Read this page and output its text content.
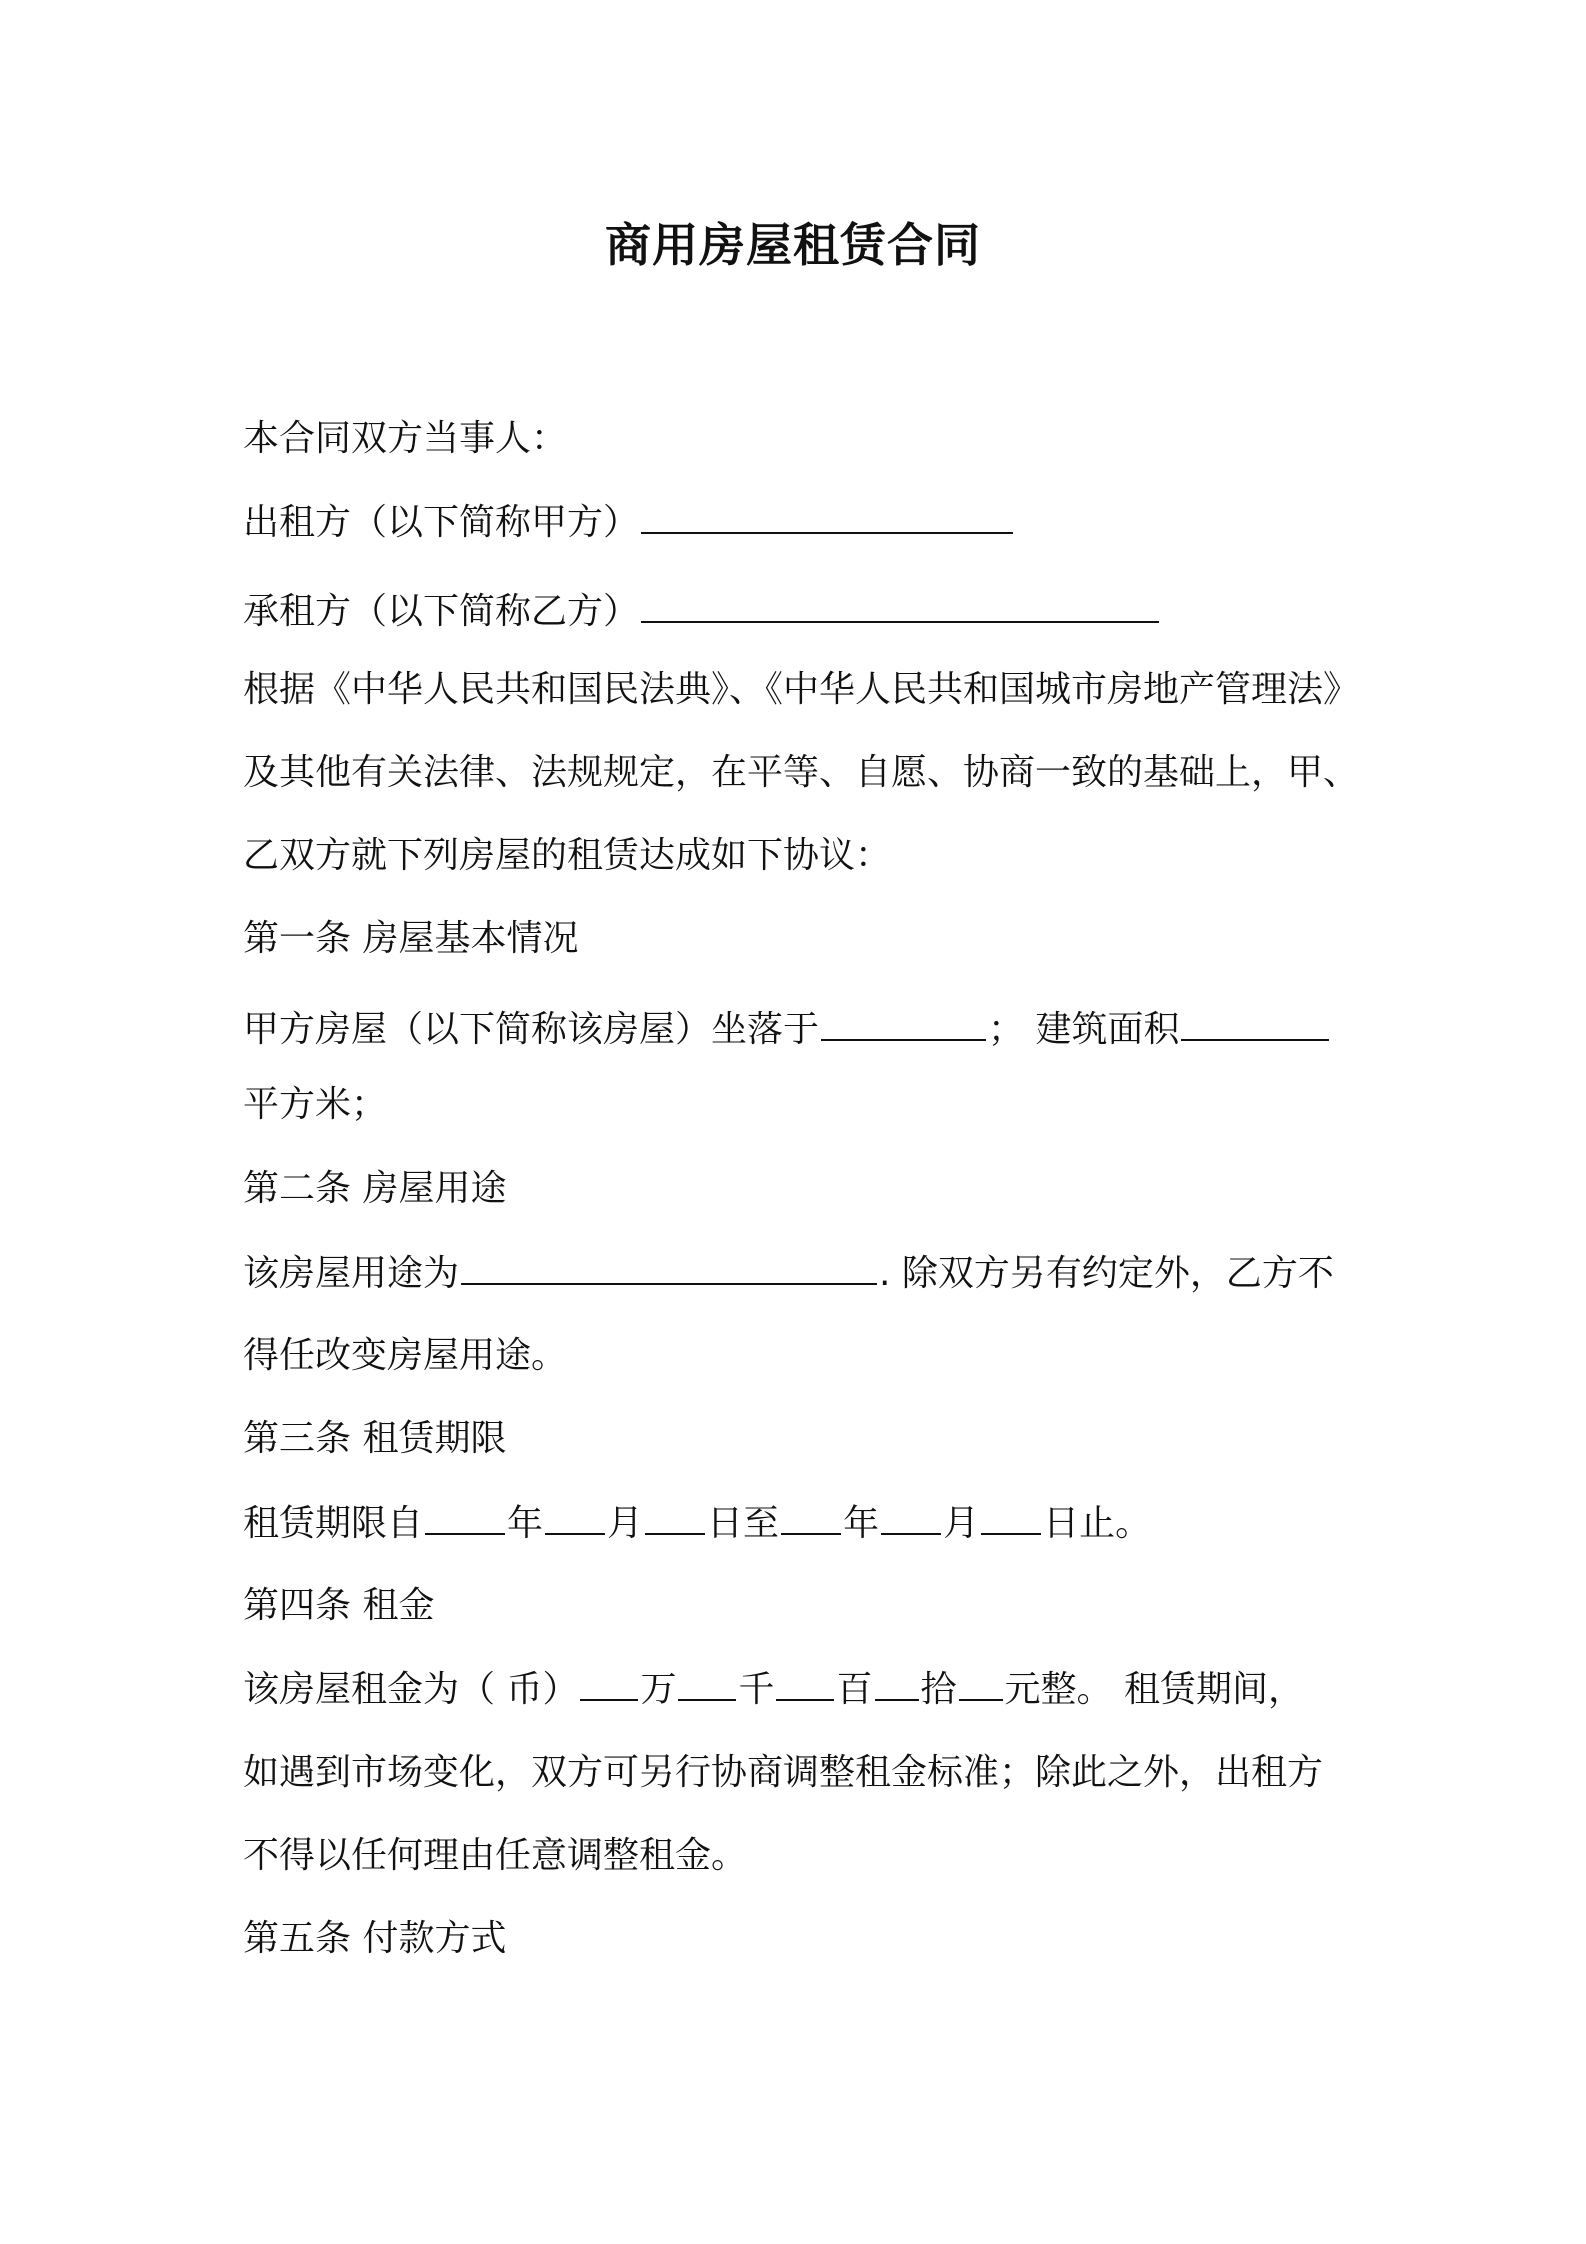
商用房屋租赁合同

本合同双方当事人：

出租方（以下简称甲方）

承租方（以下简称乙方）

根据《中华人民共和国民法典》、《中华人民共和国城市房地产管理法》

及其他有关法律、法规规定，在平等、自愿、协商一致的基础上，甲、

乙双方就下列房屋的租赁达成如下协议：

第一条 房屋基本情况

甲方房屋（以下简称该房屋）坐落于	； 建筑面积

平方米；

第二条 房屋用途

该房屋用途为	. 除双方另有约定外，乙方不

得任改变房屋用途。

第三条 租赁期限

租赁期限自 年 月 日至 年 月 日止。

第四条 租金

该房屋租金为（ 币） 万 千 百 拾 元整。 租赁期间，

如遇到市场变化，双方可另行协商调整租金标准；除此之外，出租方

不得以任何理由任意调整租金。

第五条 付款方式
